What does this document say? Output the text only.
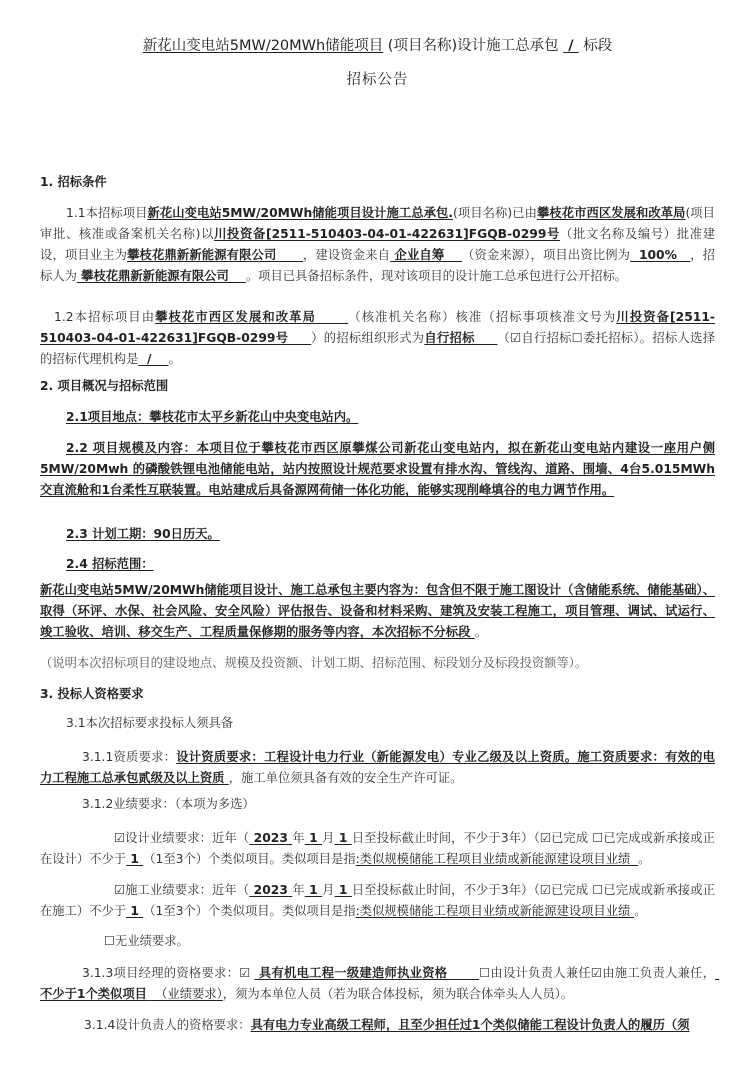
新花山变电站5MW/20MWh储能项目 (项目名称)设计施工总承包  /  标段
招标公告
1. 招标条件
1.1本招标项目新花山变电站5MW/20MWh储能项目设计施工总承包.(项目名称)已由攀枝花市西区发展和改革局(项目审批、核准或备案机关名称)以川投资备[2511-510403-04-01-422631]FGQB-0299号（批文名称及编号）批准建设，项目业主为攀枝花鼎新新能源有限公司      ，建设资金来自 企业自筹    （资金来源），项目出资比例为  100%   ，招标人为 攀枝花鼎新新能源有限公司    。项目已具备招标条件，现对该项目的设计施工总承包进行公开招标。
1.2本招标项目由攀枝花市西区发展和改革局      （核准机关名称）核准（招标事项核准文号为川投资备[2511-510403-04-01-422631]FGQB-0299号     ）的招标组织形式为自行招标     （☑自行招标☐委托招标）。招标人选择的招标代理机构是  /    。
2. 项目概况与招标范围
2.1项目地点：攀枝花市太平乡新花山中央变电站内。
2.2 项目规模及内容：本项目位于攀枝花市西区原攀煤公司新花山变电站内，拟在新花山变电站内建设一座用户侧5MW/20Mwh 的磷酸铁锂电池储能电站，站内按照设计规范要求设置有排水沟、管线沟、道路、围墙、4台5.015MWh交直流舱和1台柔性互联装置。电站建成后具备源网荷储一体化功能，能够实现削峰填谷的电力调节作用。
2.3 计划工期：90日历天。
2.4 招标范围：
新花山变电站5MW/20MWh储能项目设计、施工总承包主要内容为：包含但不限于施工图设计（含储能系统、储能基础）、取得（环评、水保、社会风险、安全风险）评估报告、设备和材料采购、建筑及安装工程施工，项目管理、调试、试运行、竣工验收、培训、移交生产、工程质量保修期的服务等内容，本次招标不分标段 。
（说明本次招标项目的建设地点、规模及投资额、计划工期、招标范围、标段划分及标段投资额等）。
3. 投标人资格要求
3.1本次招标要求投标人须具备
3.1.1资质要求：设计资质要求：工程设计电力行业（新能源发电）专业乙级及以上资质。施工资质要求：有效的电力工程施工总承包贰级及以上资质 ，施工单位须具备有效的安全生产许可证。
3.1.2业绩要求：（本项为多选）
☑设计业绩要求：近年（ 2023 年 1 月 1 日至投标截止时间，不少于3年）（☑已完成 ☐已完成或新承接或正在设计）不少于 1 （1至3个）个类似项目。类似项目是指:类似规模储能工程项目业绩或新能源建设项目业绩  。
☑施工业绩要求：近年（ 2023 年 1 月 1 日至投标截止时间，不少于3年）（☑已完成 ☐已完成或新承接或正在施工）不少于 1 （1至3个）个类似项目。类似项目是指:类似规模储能工程项目业绩或新能源建设项目业绩 。
☐无业绩要求。
3.1.3项目经理的资格要求：☑  具有机电工程一级建造师执业资格       ☐由设计负责人兼任☑由施工负责人兼任， 不少于1个类似项目  （业绩要求），须为本单位人员（若为联合体投标，须为联合体牵头人人员）。
3.1.4设计负责人的资格要求：具有电力专业高级工程师，且至少担任过1个类似储能工程设计负责人的履历（须
